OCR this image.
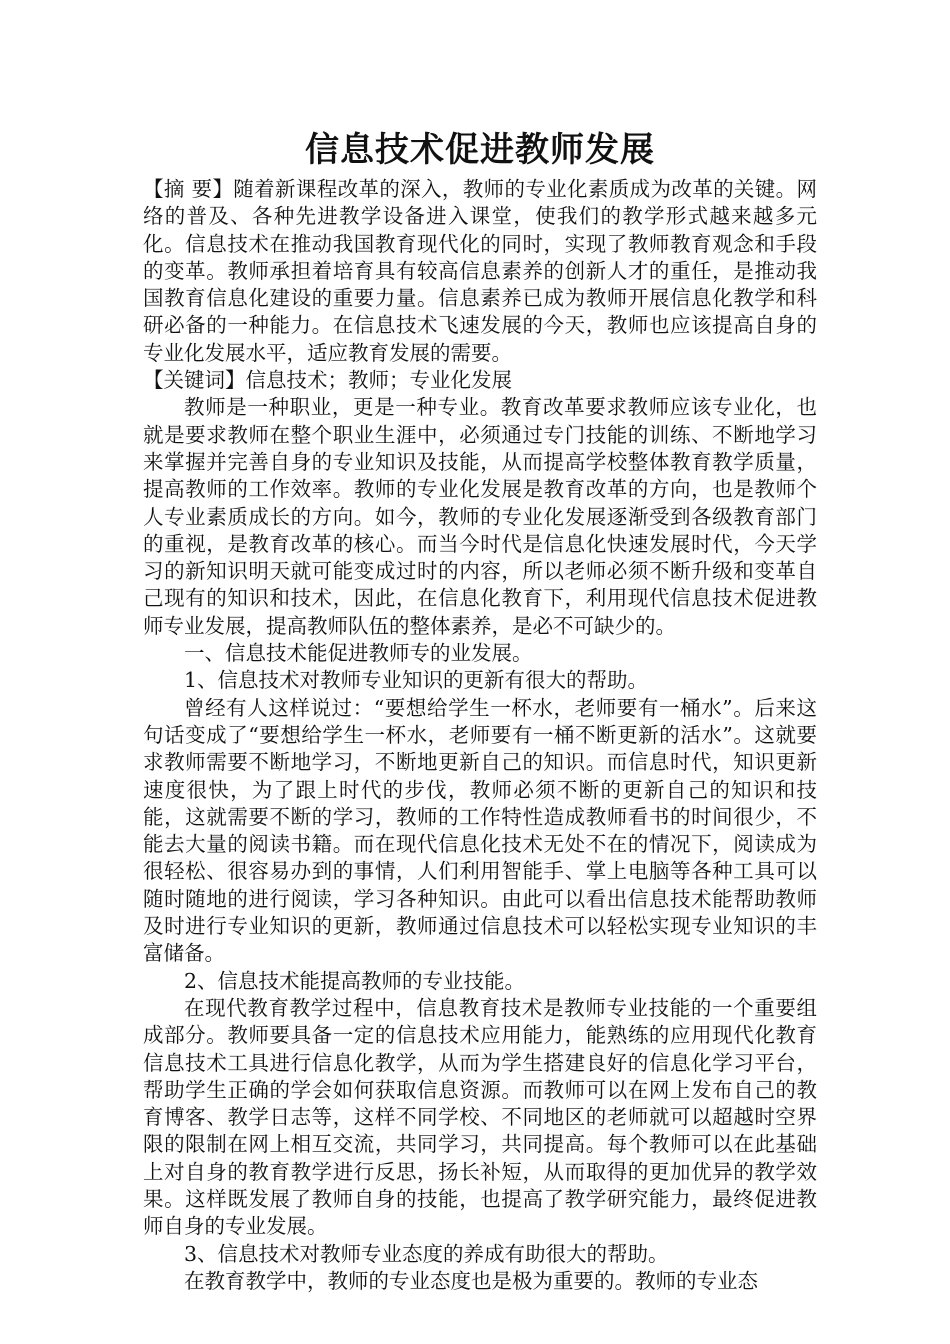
信息技术促进教师发展

【摘 要】随着新课程改革的深入，教师的专业化素质成为改革的关键。网络的普及、各种先进教学设备进入课堂，使我们的教学形式越来越多元化。信息技术在推动我国教育现代化的同时，实现了教师教育观念和手段的变革。教师承担着培育具有较高信息素养的创新人才的重任，是推动我国教育信息化建设的重要力量。信息素养已成为教师开展信息化教学和科研必备的一种能力。在信息技术飞速发展的今天，教师也应该提高自身的专业化发展水平，适应教育发展的需要。

【关键词】信息技术；教师；专业化发展

教师是一种职业，更是一种专业。教育改革要求教师应该专业化，也就是要求教师在整个职业生涯中，必须通过专门技能的训练、不断地学习来掌握并完善自身的专业知识及技能，从而提高学校整体教育教学质量，提高教师的工作效率。教师的专业化发展是教育改革的方向，也是教师个人专业素质成长的方向。如今，教师的专业化发展逐渐受到各级教育部门的重视，是教育改革的核心。而当今时代是信息化快速发展时代，今天学习的新知识明天就可能变成过时的内容，所以老师必须不断升级和变革自己现有的知识和技术，因此，在信息化教育下，利用现代信息技术促进教师专业发展，提高教师队伍的整体素养，是必不可缺少的。

一、信息技术能促进教师专的业发展。

1、信息技术对教师专业知识的更新有很大的帮助。

曾经有人这样说过：“要想给学生一杯水，老师要有一桶水”。后来这句话变成了“要想给学生一杯水，老师要有一桶不断更新的活水”。这就要求教师需要不断地学习，不断地更新自己的知识。而信息时代，知识更新速度很快，为了跟上时代的步伐，教师必须不断的更新自己的知识和技能，这就需要不断的学习，教师的工作特性造成教师看书的时间很少，不能去大量的阅读书籍。而在现代信息化技术无处不在的情况下，阅读成为很轻松、很容易办到的事情，人们利用智能手、掌上电脑等各种工具可以随时随地的进行阅读，学习各种知识。由此可以看出信息技术能帮助教师及时进行专业知识的更新，教师通过信息技术可以轻松实现专业知识的丰富储备。

2、信息技术能提高教师的专业技能。

在现代教育教学过程中，信息教育技术是教师专业技能的一个重要组成部分。教师要具备一定的信息技术应用能力，能熟练的应用现代化教育信息技术工具进行信息化教学，从而为学生搭建良好的信息化学习平台，帮助学生正确的学会如何获取信息资源。而教师可以在网上发布自己的教育博客、教学日志等，这样不同学校、不同地区的老师就可以超越时空界限的限制在网上相互交流，共同学习，共同提高。每个教师可以在此基础上对自身的教育教学进行反思，扬长补短，从而取得的更加优异的教学效果。这样既发展了教师自身的技能，也提高了教学研究能力，最终促进教师自身的专业发展。

3、信息技术对教师专业态度的养成有助很大的帮助。

在教育教学中，教师的专业态度也是极为重要的。教师的专业态
